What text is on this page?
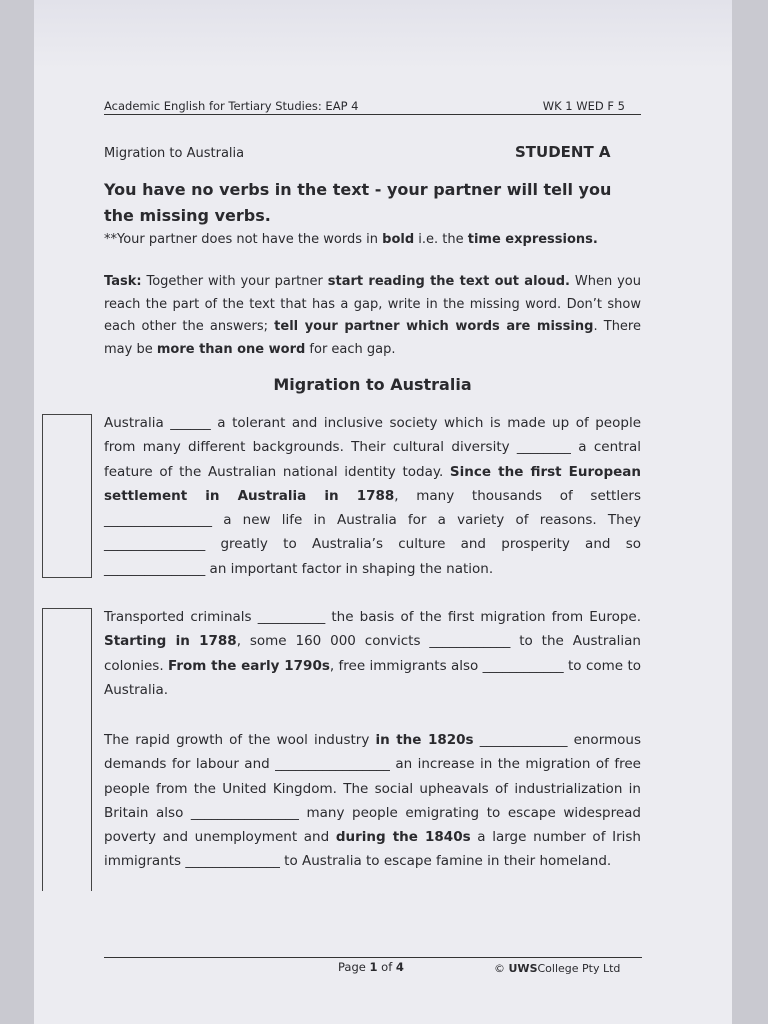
Academic English for Tertiary Studies: EAP 4	WK 1 WED F 5
Migration to Australia	STUDENT A
You have no verbs in the text - your partner will tell you the missing verbs.
**Your partner does not have the words in bold i.e. the time expressions.
Task: Together with your partner start reading the text out aloud. When you reach the part of the text that has a gap, write in the missing word. Don’t show each other the answers; tell your partner which words are missing. There may be more than one word for each gap.
Migration to Australia
Australia ______ a tolerant and inclusive society which is made up of people from many different backgrounds. Their cultural diversity ________ a central feature of the Australian national identity today. Since the first European settlement in Australia in 1788, many thousands of settlers ________________ a new life in Australia for a variety of reasons. They _______________ greatly to Australia’s culture and prosperity and so _______________ an important factor in shaping the nation.
Transported criminals __________ the basis of the first migration from Europe. Starting in 1788, some 160 000 convicts ____________ to the Australian colonies. From the early 1790s, free immigrants also ____________ to come to Australia.
The rapid growth of the wool industry in the 1820s _____________ enormous demands for labour and _________________ an increase in the migration of free people from the United Kingdom. The social upheavals of industrialization in Britain also ________________ many people emigrating to escape widespread poverty and unemployment and during the 1840s a large number of Irish immigrants ______________ to Australia to escape famine in their homeland.
Page 1 of 4	© UWSCollege Pty Ltd
